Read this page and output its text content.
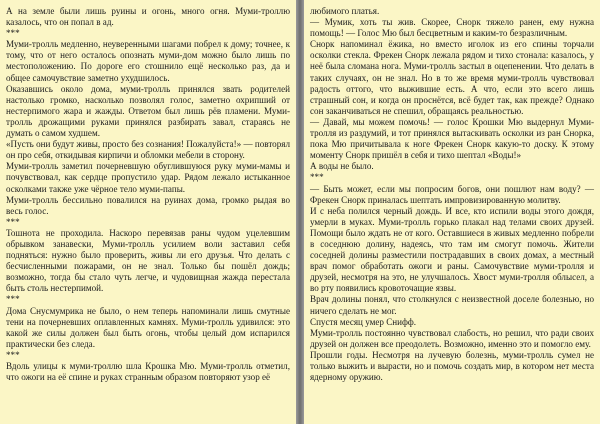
А на земле были лишь руины и огонь, много огня. Муми-троллю казалось, что он попал в ад.

***

Муми-тролль медленно, неуверенными шагами побрел к дому; точнее, к тому, что от него осталось опознать муми-дом можно было лишь по местоположению. По дороге его стошнило ещё несколько раз, да и общее самочувствие заметно ухудшилось.

Оказавшись около дома, муми-тролль принялся звать родителей настолько громко, насколько позволял голос, заметно охрипший от нестерпимого жара и жажды. Ответом был лишь рёв пламени. Муми-тролль дрожащими руками принялся разбирать завал, стараясь не думать о самом худшем.

«Пусть они будут живы, просто без сознания! Пожалуйста!» — повторял он про себя, откидывая кирпичи и обломки мебели в сторону.

Муми-тролль заметил почерневшую обуглившуюся руку муми-мамы и почувствовал, как сердце пропустило удар. Рядом лежало истыканное осколками также уже чёрное тело муми-папы.

Муми-тролль бессильно повалился на руинах дома, громко рыдая во весь голос.

***

Тошнота не проходила. Наскоро перевязав раны чудом уцелевшим обрывком занавески, Муми-тролль усилием воли заставил себя подняться: нужно было проверить, живы ли его друзья. Что делать с бесчисленными пожарами, он не знал. Только бы пошёл дождь; возможно, тогда бы стало чуть легче, и чудовищная жажда перестала быть столь нестерпимой.

***

Дома Снусмумрика не было, о нем теперь напоминали лишь смутные тени на почерневших оплавленных камнях. Муми-тролль удивился: это какой же силы должен был быть огонь, чтобы целый дом испарился практически без следа.

***

Вдоль улицы к муми-троллю шла Крошка Мю. Муми-тролль отметил, что ожоги на её спине и руках странным образом повторяют узор её

любимого платья.

— Мумик, хоть ты жив. Скорее, Снорк тяжело ранен, ему нужна помощь! — Голос Мю был бесцветным и каким-то безразличным.

Снорк напоминал ёжика, но вместо иголок из его спины торчали осколки стекла. Фрекен Снорк лежала рядом и тихо стонала: казалось, у неё была сломана нога. Муми-тролль застыл в оцепенении. Что делать в таких случаях, он не знал. Но в то же время муми-тролль чувствовал радость оттого, что выжившие есть. А что, если это всего лишь страшный сон, и когда он проснётся, всё будет так, как прежде? Однако сон заканчиваться не спешил, обращаясь реальностью.

— Давай, мы можем помочь! — голос Крошки Мю выдернул Муми-тролля из раздумий, и тот принялся вытаскивать осколки из ран Снорка, пока Мю причитывала к ноге Фрекен Снорк какую-то доску. К этому моменту Снорк пришёл в себя и тихо шептал «Воды!»

А воды не было.

***

— Быть может, если мы попросим богов, они пошлют нам воду? — Фрекен Снорк приналась шептать импровизированную молитву.

И с неба полился черный дождь. И все, кто испили воды этого дождя, умерли в муках. Муми-тролль горько плакал над телами своих друзей. Помощи было ждать не от кого. Оставшиеся в живых медленно побрели в соседнюю долину, надеясь, что там им смогут помочь. Жители соседней долины разместили пострадавших в своих домах, а местный врач помог обработать ожоги и раны. Самочувствие муми-тролля и друзей, несмотря на это, не улучшалось. Хвост муми-тролля облысел, а во рту появились кровоточащие язвы.

Врач долины понял, что столкнулся с неизвестной доселе болезнью, но ничего сделать не мог.

Спустя месяц умер Снифф.

Муми-тролль постоянно чувствовал слабость, но решил, что ради своих друзей он должен все преодолеть. Возможно, именно это и помогло ему.

Прошли годы. Несмотря на лучевую болезнь, муми-тролль сумел не только выжить и вырасти, но и помочь создать мир, в котором нет места ядерному оружию.
